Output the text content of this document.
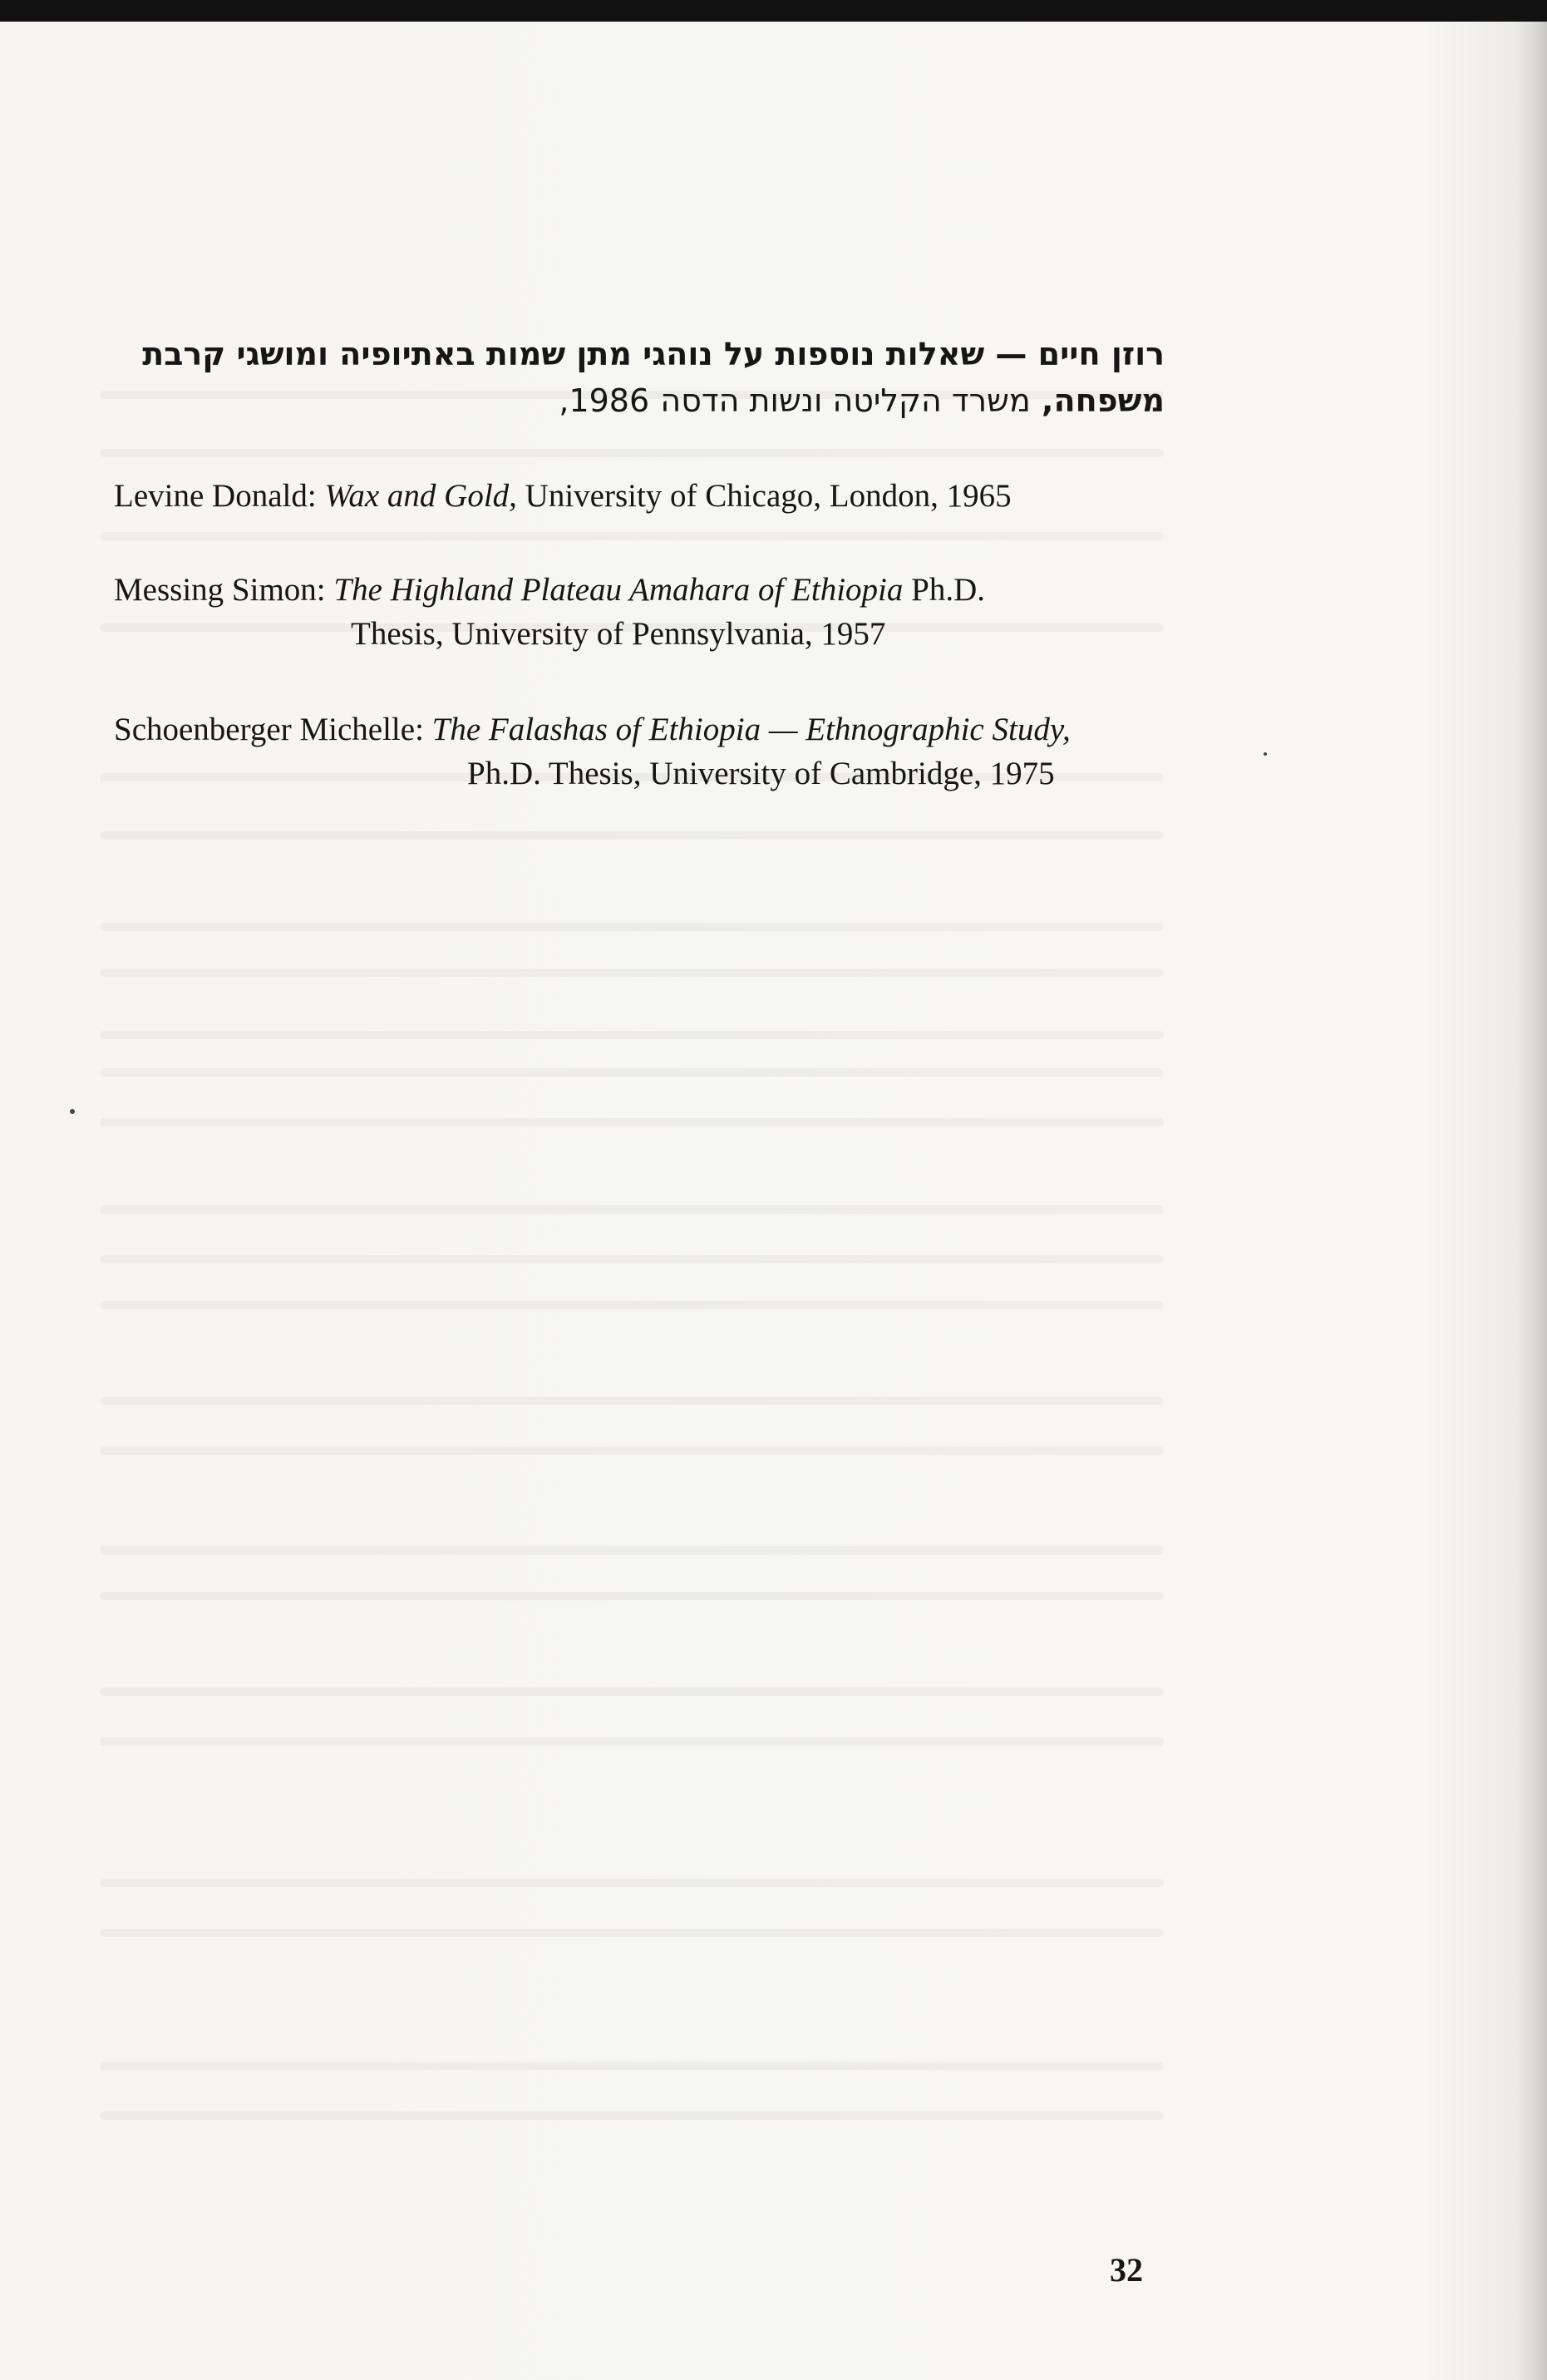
רוזן חיים — שאלות נוספות על נוהגי מתן שמות באתיופיה ומושגי קרבת משפחה, משרד הקליטה ונשות הדסה 1986,
Levine Donald: Wax and Gold, University of Chicago, London, 1965
Messing Simon: The Highland Plateau Amahara of Ethiopia Ph.D.
Thesis, University of Pennsylvania, 1957
Schoenberger Michelle: The Falashas of Ethiopia — Ethnographic Study,
Ph.D. Thesis, University of Cambridge, 1975
32
